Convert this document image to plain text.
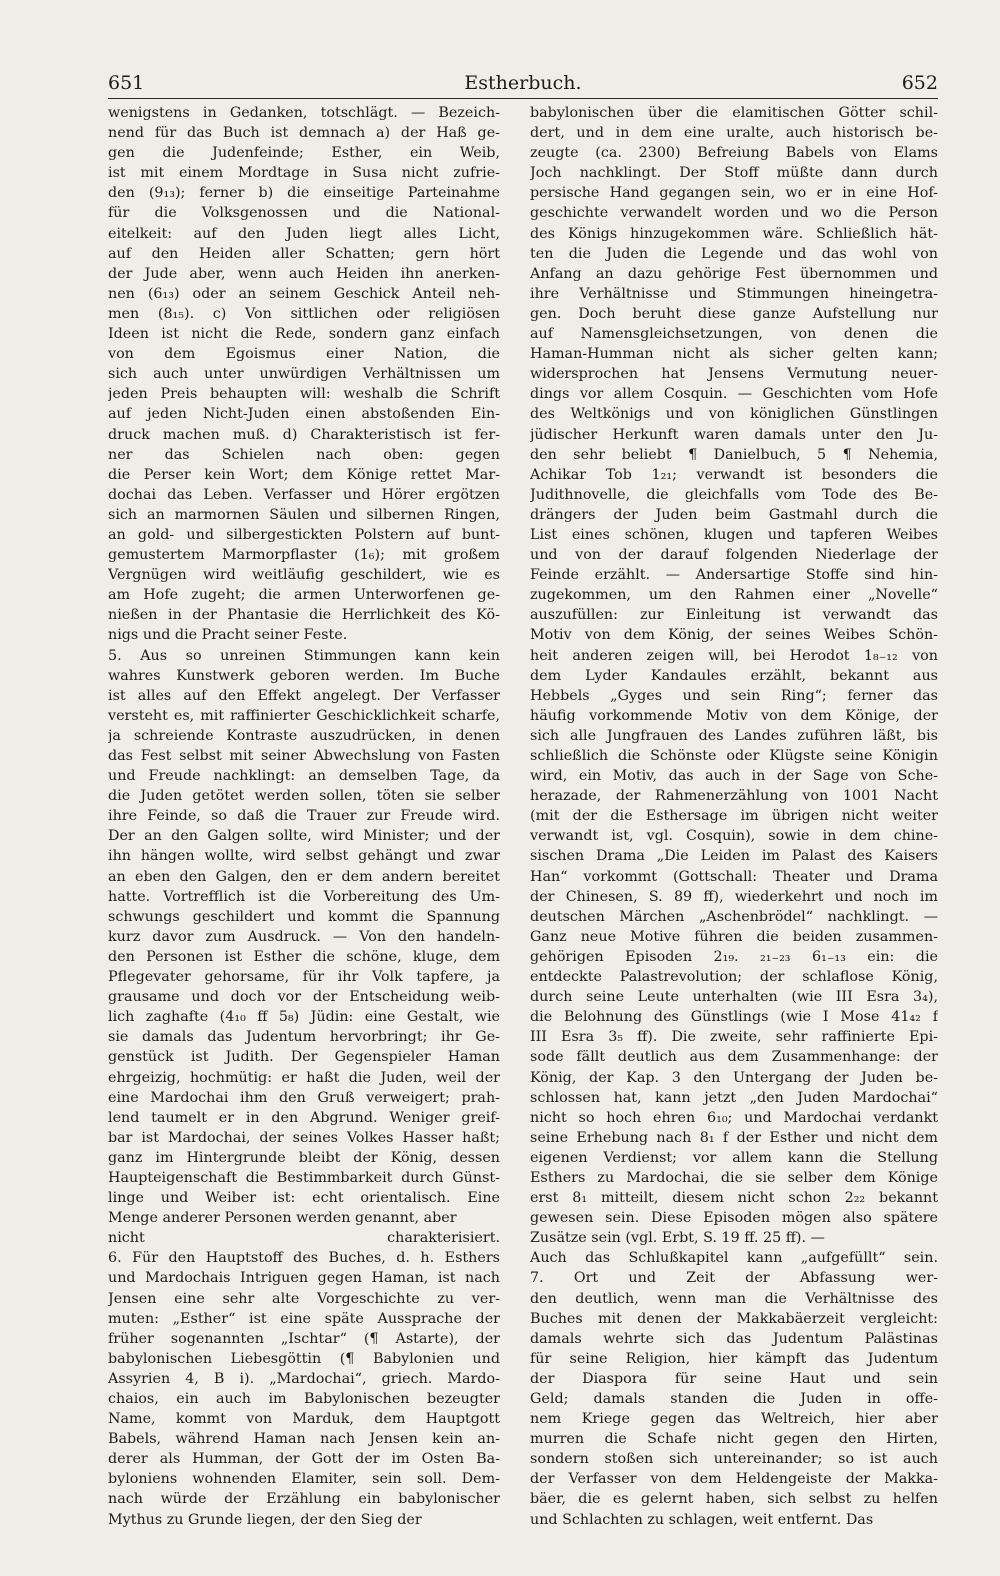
651	Estherbuch.	652
wenigstens in Gedanken, totschlägt. — Bezeich-
nend für das Buch ist demnach a) der Haß ge-
gen die Judenfeinde; Esther, ein Weib,
ist mit einem Mordtage in Susa nicht zufrie-
den (9₁₃); ferner b) die einseitige Parteinahme
für die Volksgenossen und die National-
eitelkeit: auf den Juden liegt alles Licht,
auf den Heiden aller Schatten; gern hört
der Jude aber, wenn auch Heiden ihn anerken-
nen (6₁₃) oder an seinem Geschick Anteil neh-
men (8₁₅). c) Von sittlichen oder religiösen
Ideen ist nicht die Rede, sondern ganz einfach
von dem Egoismus einer Nation, die
sich auch unter unwürdigen Verhältnissen um
jeden Preis behaupten will: weshalb die Schrift
auf jeden Nicht-Juden einen abstoßenden Ein-
druck machen muß. d) Charakteristisch ist fer-
ner das Schielen nach oben: gegen
die Perser kein Wort; dem Könige rettet Mar-
dochai das Leben. Verfasser und Hörer ergötzen
sich an marmornen Säulen und silbernen Ringen,
an gold- und silbergestickten Polstern auf bunt-
gemustertem Marmorpflaster (1₆); mit großem
Vergnügen wird weitläufig geschildert, wie es
am Hofe zugeht; die armen Unterworfenen ge-
nießen in der Phantasie die Herrlichkeit des Kö-
nigs und die Pracht seiner Feste.
5. Aus so unreinen Stimmungen kann kein
wahres Kunstwerk geboren werden. Im Buche
ist alles auf den Effekt angelegt. Der Verfasser
versteht es, mit raffinierter Geschicklichkeit scharfe,
ja schreiende Kontraste auszudrücken, in denen
das Fest selbst mit seiner Abwechslung von Fasten
und Freude nachklingt: an demselben Tage, da
die Juden getötet werden sollen, töten sie selber
ihre Feinde, so daß die Trauer zur Freude wird.
Der an den Galgen sollte, wird Minister; und der
ihn hängen wollte, wird selbst gehängt und zwar
an eben den Galgen, den er dem andern bereitet
hatte. Vortrefflich ist die Vorbereitung des Um-
schwungs geschildert und kommt die Spannung
kurz davor zum Ausdruck. — Von den handeln-
den Personen ist Esther die schöne, kluge, dem
Pflegevater gehorsame, für ihr Volk tapfere, ja
grausame und doch vor der Entscheidung weib-
lich zaghafte (4₁₀ ff 5₈) Jüdin: eine Gestalt, wie
sie damals das Judentum hervorbringt; ihr Ge-
genstück ist Judith. Der Gegenspieler Haman
ehrgeizig, hochmütig: er haßt die Juden, weil der
eine Mardochai ihm den Gruß verweigert; prah-
lend taumelt er in den Abgrund. Weniger greif-
bar ist Mardochai, der seines Volkes Hasser haßt;
ganz im Hintergrunde bleibt der König, dessen
Haupteigenschaft die Bestimmbarkeit durch Günst-
linge und Weiber ist: echt orientalisch. Eine
Menge anderer Personen werden genannt, aber
nicht charakterisiert.
6. Für den Hauptstoff des Buches, d. h. Esthers
und Mardochais Intriguen gegen Haman, ist nach
Jensen eine sehr alte Vorgeschichte zu ver-
muten: „Esther“ ist eine späte Aussprache der
früher sogenannten „Ischtar“ (¶ Astarte), der
babylonischen Liebesgöttin (¶ Babylonien und
Assyrien 4, B i). „Mardochai“, griech. Mardo-
chaios, ein auch im Babylonischen bezeugter
Name, kommt von Marduk, dem Hauptgott
Babels, während Haman nach Jensen kein an-
derer als Humman, der Gott der im Osten Ba-
byloniens wohnenden Elamiter, sein soll. Dem-
nach würde der Erzählung ein babylonischer
Mythus zu Grunde liegen, der den Sieg der
babylonischen über die elamitischen Götter schil-
dert, und in dem eine uralte, auch historisch be-
zeugte (ca. 2300) Befreiung Babels von Elams
Joch nachklingt. Der Stoff müßte dann durch
persische Hand gegangen sein, wo er in eine Hof-
geschichte verwandelt worden und wo die Person
des Königs hinzugekommen wäre. Schließlich hät-
ten die Juden die Legende und das wohl von
Anfang an dazu gehörige Fest übernommen und
ihre Verhältnisse und Stimmungen hineingetra-
gen. Doch beruht diese ganze Aufstellung nur
auf Namensgleichsetzungen, von denen die
Haman-Humman nicht als sicher gelten kann;
widersprochen hat Jensens Vermutung neuer-
dings vor allem Cosquin. — Geschichten vom Hofe
des Weltkönigs und von königlichen Günstlingen
jüdischer Herkunft waren damals unter den Ju-
den sehr beliebt ¶ Danielbuch, 5 ¶ Nehemia,
Achikar Tob 1₂₁; verwandt ist besonders die
Judithnovelle, die gleichfalls vom Tode des Be-
drängers der Juden beim Gastmahl durch die
List eines schönen, klugen und tapferen Weibes
und von der darauf folgenden Niederlage der
Feinde erzählt. — Andersartige Stoffe sind hin-
zugekommen, um den Rahmen einer „Novelle“
auszufüllen: zur Einleitung ist verwandt das
Motiv von dem König, der seines Weibes Schön-
heit anderen zeigen will, bei Herodot 1₈₋₁₂ von
dem Lyder Kandaules erzählt, bekannt aus
Hebbels „Gyges und sein Ring“; ferner das
häufig vorkommende Motiv von dem Könige, der
sich alle Jungfrauen des Landes zuführen läßt, bis
schließlich die Schönste oder Klügste seine Königin
wird, ein Motiv, das auch in der Sage von Sche-
herazade, der Rahmenerzählung von 1001 Nacht
(mit der die Esthersage im übrigen nicht weiter
verwandt ist, vgl. Cosquin), sowie in dem chine-
sischen Drama „Die Leiden im Palast des Kaisers
Han“ vorkommt (Gottschall: Theater und Drama
der Chinesen, S. 89 ff), wiederkehrt und noch im
deutschen Märchen „Aschenbrödel“ nachklingt. —
Ganz neue Motive führen die beiden zusammen-
gehörigen Episoden 2₁₉. ₂₁₋₂₃ 6₁₋₁₃ ein: die
entdeckte Palastrevolution; der schlaflose König,
durch seine Leute unterhalten (wie III Esra 3₄),
die Belohnung des Günstlings (wie I Mose 41₄₂ f
III Esra 3₅ ff). Die zweite, sehr raffinierte Epi-
sode fällt deutlich aus dem Zusammenhange: der
König, der Kap. 3 den Untergang der Juden be-
schlossen hat, kann jetzt „den Juden Mardochai“
nicht so hoch ehren 6₁₀; und Mardochai verdankt
seine Erhebung nach 8₁ f der Esther und nicht dem
eigenen Verdienst; vor allem kann die Stellung
Esthers zu Mardochai, die sie selber dem Könige
erst 8₁ mitteilt, diesem nicht schon 2₂₂ bekannt
gewesen sein. Diese Episoden mögen also spätere
Zusätze sein (vgl. Erbt, S. 19 ff. 25 ff). —
Auch das Schlußkapitel kann „aufgefüllt“ sein.
7. Ort und Zeit der Abfassung wer-
den deutlich, wenn man die Verhältnisse des
Buches mit denen der Makkabäerzeit vergleicht:
damals wehrte sich das Judentum Palästinas
für seine Religion, hier kämpft das Judentum
der Diaspora für seine Haut und sein
Geld; damals standen die Juden in offe-
nem Kriege gegen das Weltreich, hier aber
murren die Schafe nicht gegen den Hirten,
sondern stoßen sich untereinander; so ist auch
der Verfasser von dem Heldengeiste der Makka-
bäer, die es gelernt haben, sich selbst zu helfen
und Schlachten zu schlagen, weit entfernt. Das
